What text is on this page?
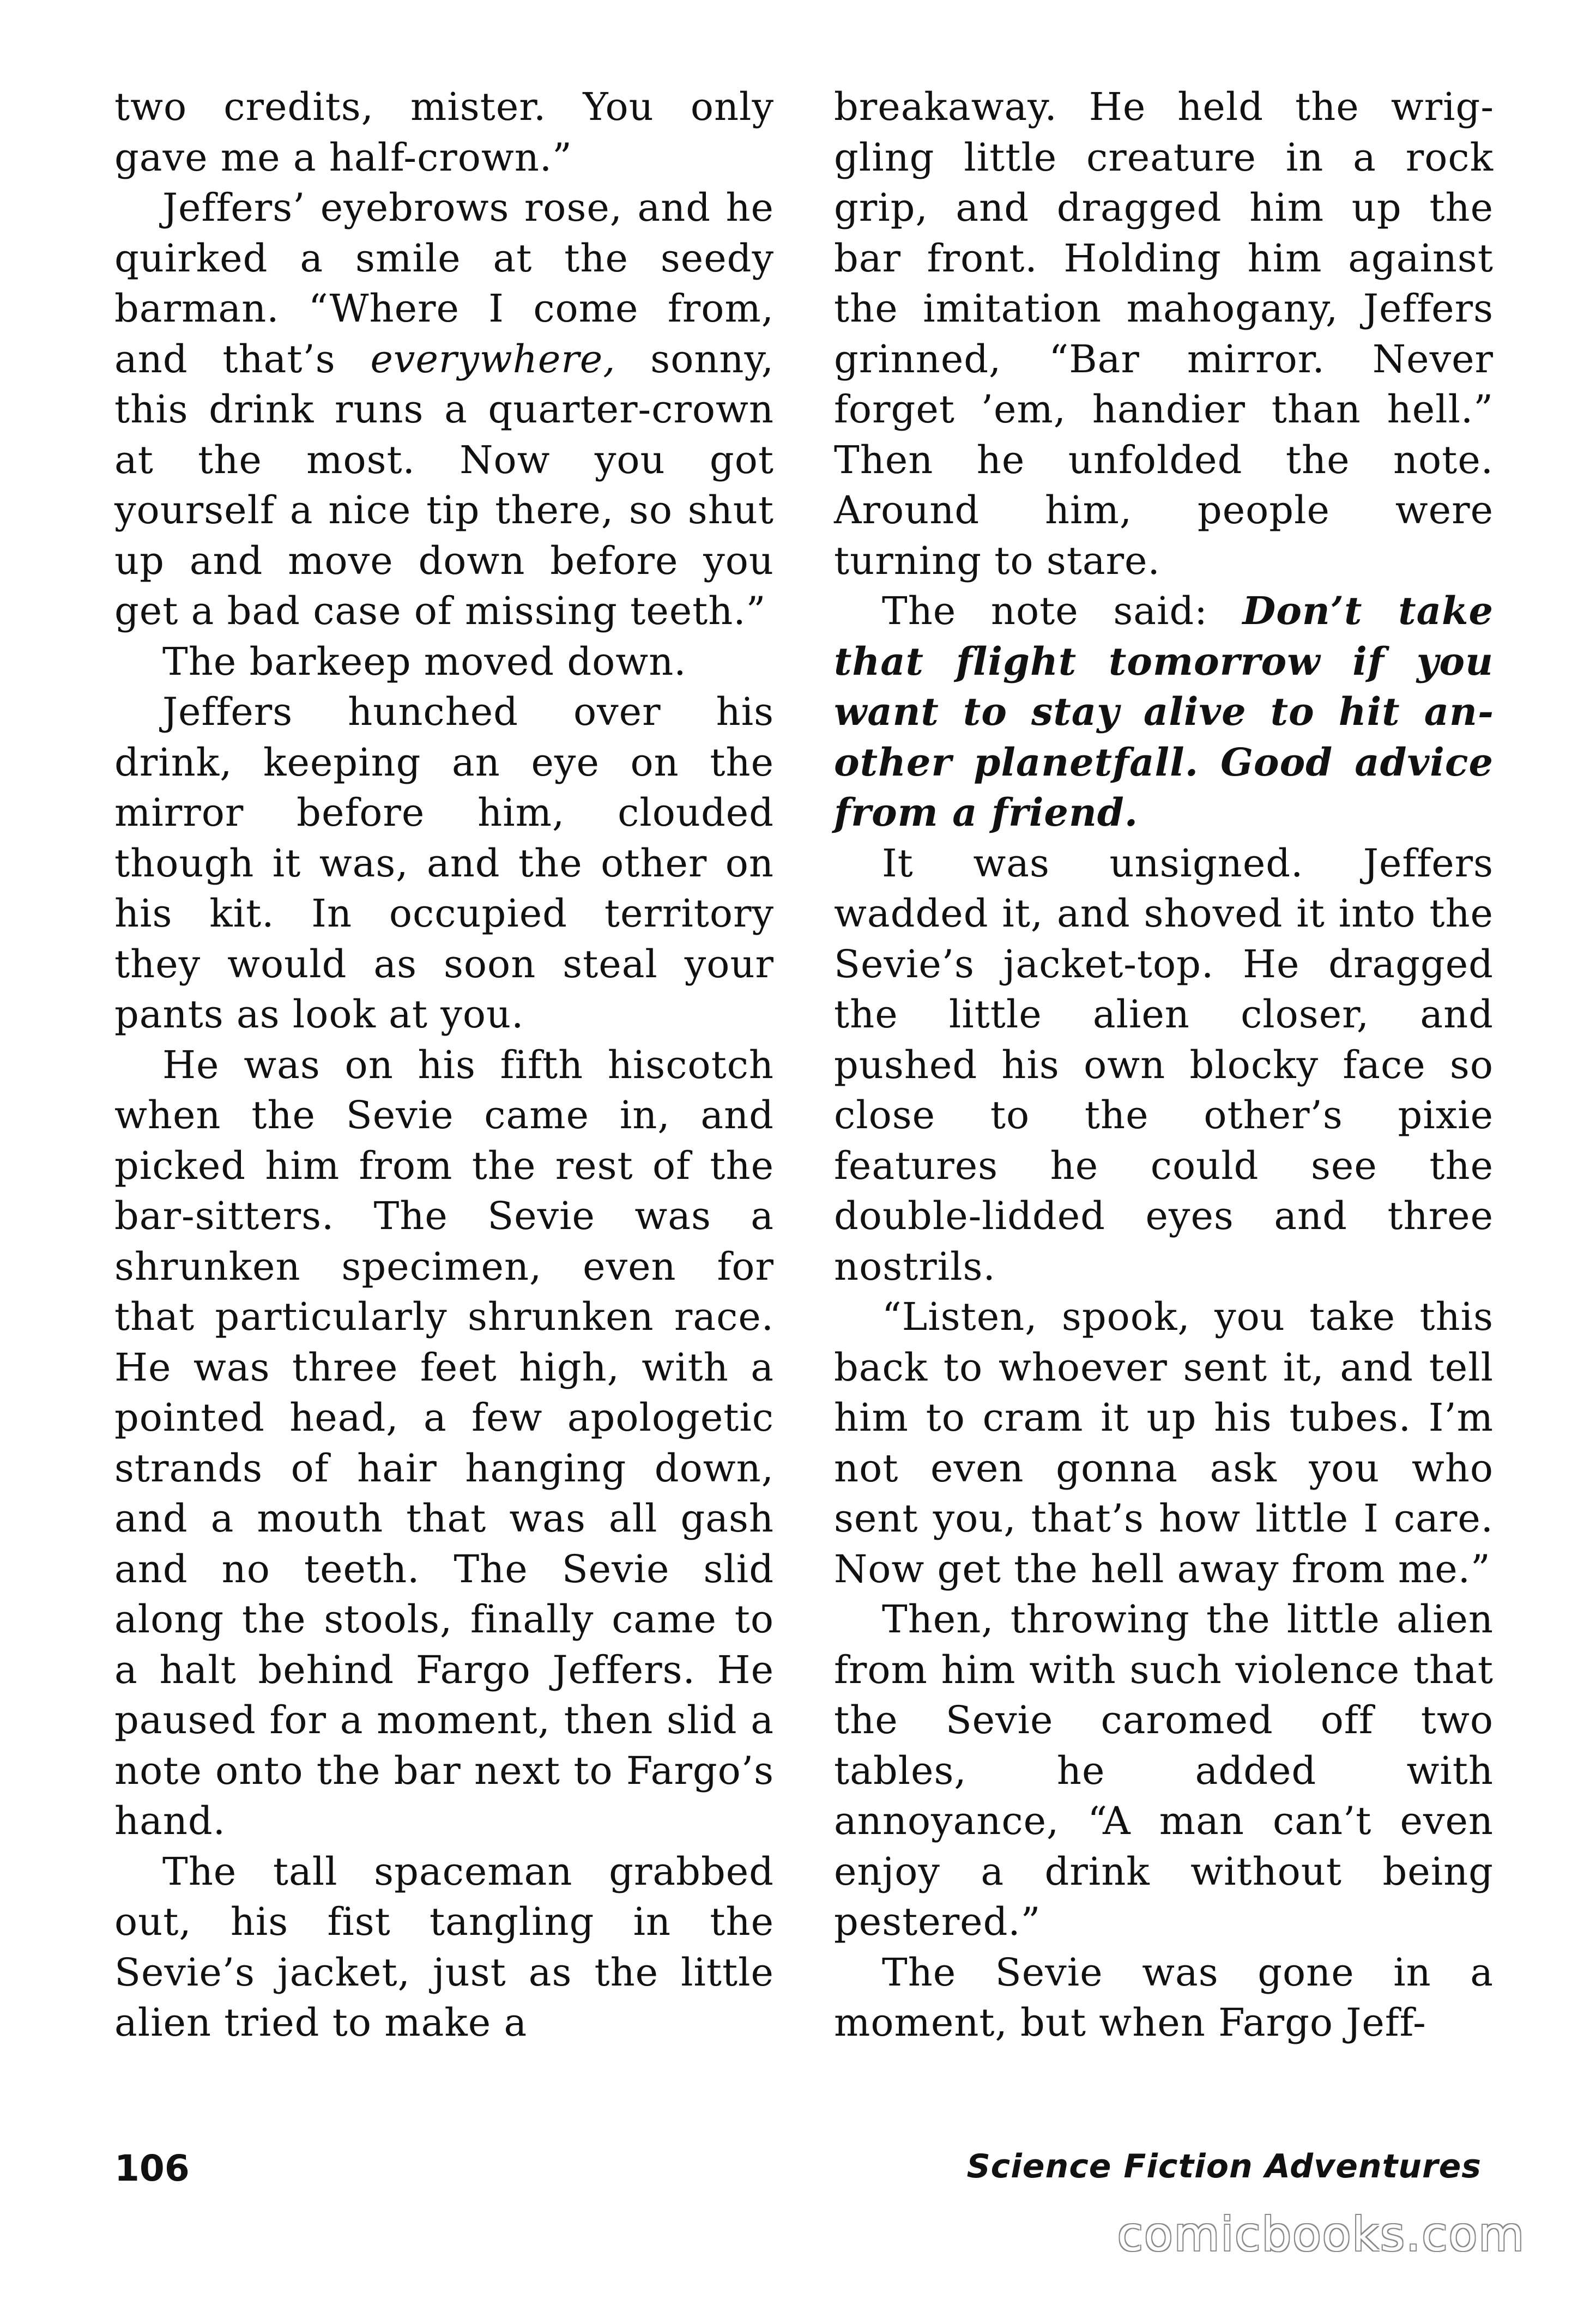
two credits, mister. You only gave me a half-crown.”

Jeffers’ eyebrows rose, and he quirked a smile at the seedy barman. “Where I come from, and that’s everywhere, sonny, this drink runs a quarter-crown at the most. Now you got yourself a nice tip there, so shut up and move down before you get a bad case of missing teeth.”

The barkeep moved down.

Jeffers hunched over his drink, keeping an eye on the mirror before him, clouded though it was, and the other on his kit. In occupied territory they would as soon steal your pants as look at you.

He was on his fifth hiscotch when the Sevie came in, and picked him from the rest of the bar-sitters. The Sevie was a shrunken specimen, even for that particularly shrunken race. He was three feet high, with a pointed head, a few apologetic strands of hair hanging down, and a mouth that was all gash and no teeth. The Sevie slid along the stools, finally came to a halt behind Fargo Jeffers. He paused for a moment, then slid a note onto the bar next to Fargo’s hand.

The tall spaceman grabbed out, his fist tangling in the Sevie’s jacket, just as the little alien tried to make a

breakaway. He held the wriggling little creature in a rock grip, and dragged him up the bar front. Holding him against the imitation mahogany, Jeffers grinned, “Bar mirror. Never forget ’em, handier than hell.” Then he unfolded the note. Around him, people were turning to stare.

The note said: Don’t take that flight tomorrow if you want to stay alive to hit another planetfall. Good advice from a friend.

It was unsigned. Jeffers wadded it, and shoved it into the Sevie’s jacket-top. He dragged the little alien closer, and pushed his own blocky face so close to the other’s pixie features he could see the double-lidded eyes and three nostrils.

“Listen, spook, you take this back to whoever sent it, and tell him to cram it up his tubes. I’m not even gonna ask you who sent you, that’s how little I care. Now get the hell away from me.”

Then, throwing the little alien from him with such violence that the Sevie caromed off two tables, he added with annoyance, “A man can’t even enjoy a drink without being pestered.”

The Sevie was gone in a moment, but when Fargo Jeff-

106	Science Fiction Adventures
comicbooks.com
